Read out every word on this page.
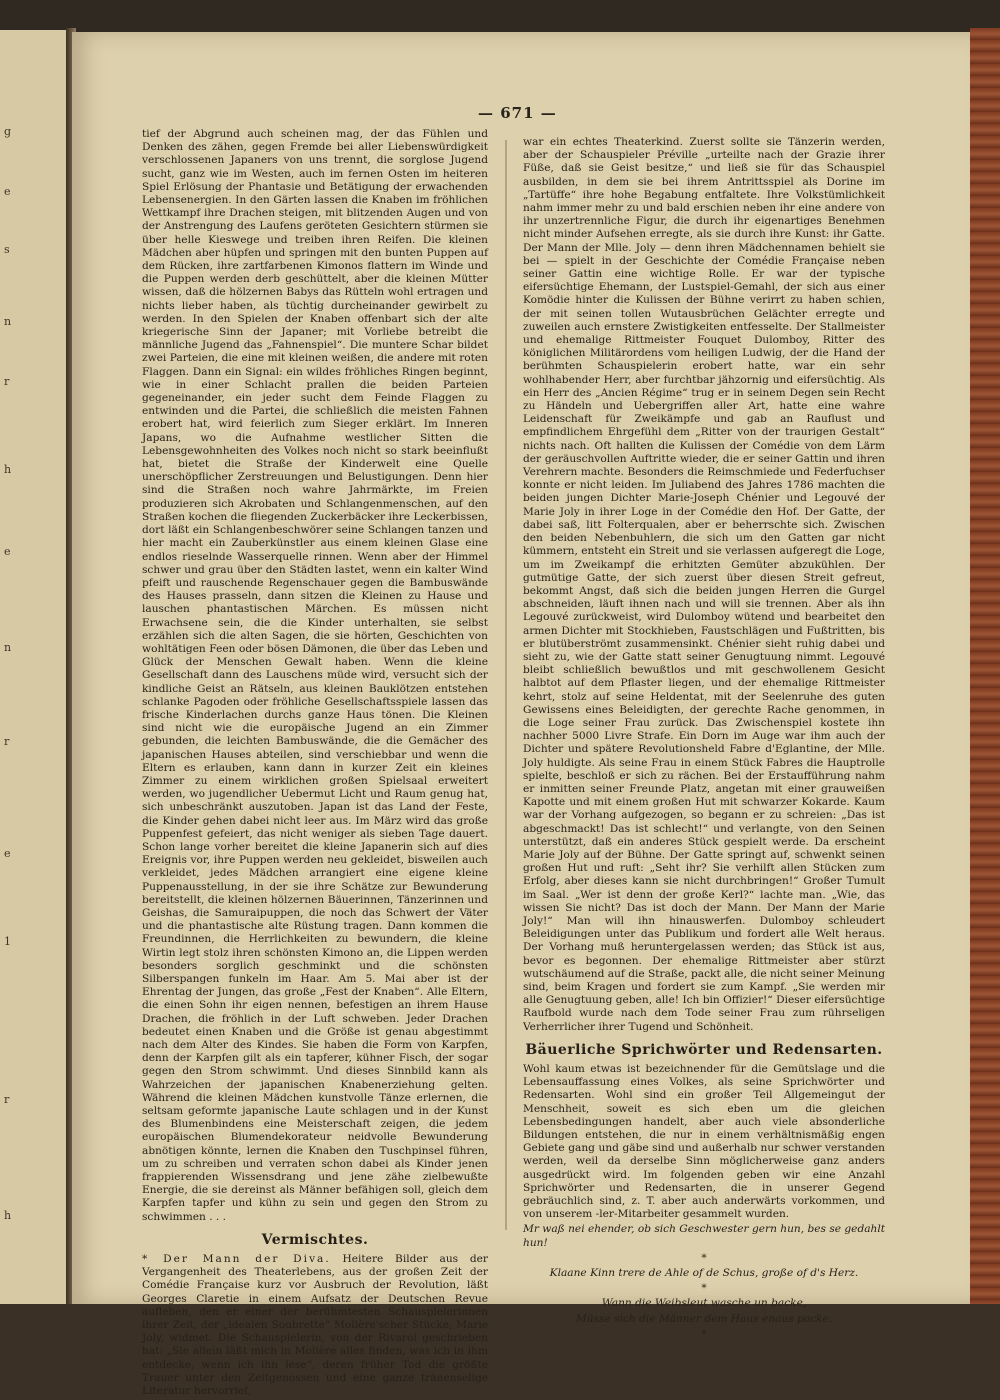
g
e
s
n
r
h
e
n
r
e
1
r
h
— 671 —

tief der Abgrund auch scheinen mag, der das Fühlen und Denken des zähen, gegen Fremde bei aller Liebenswürdigkeit verschlossenen Japaners von uns trennt, die sorglose Jugend sucht, ganz wie im Westen, auch im fernen Osten im heiteren Spiel Erlösung der Phantasie und Betätigung der erwachenden Lebensenergien. In den Gärten lassen die Knaben im fröhlichen Wettkampf ihre Drachen steigen, mit blitzenden Augen und von der Anstrengung des Laufens geröteten Gesichtern stürmen sie über helle Kieswege und treiben ihren Reifen. Die kleinen Mädchen aber hüpfen und springen mit den bunten Puppen auf dem Rücken, ihre zartfarbenen Kimonos flattern im Winde und die Puppen werden derb geschüttelt, aber die kleinen Mütter wissen, daß die hölzernen Babys das Rütteln wohl ertragen und nichts lieber haben, als tüchtig durcheinander gewirbelt zu werden. In den Spielen der Knaben offenbart sich der alte kriegerische Sinn der Japaner; mit Vorliebe betreibt die männliche Jugend das „Fahnenspiel“. Die muntere Schar bildet zwei Parteien, die eine mit kleinen weißen, die andere mit roten Flaggen. Dann ein Signal: ein wildes fröhliches Ringen beginnt, wie in einer Schlacht prallen die beiden Parteien gegeneinander, ein jeder sucht dem Feinde Flaggen zu entwinden und die Partei, die schließlich die meisten Fahnen erobert hat, wird feierlich zum Sieger erklärt. Im Inneren Japans, wo die Aufnahme westlicher Sitten die Lebensgewohnheiten des Volkes noch nicht so stark beeinflußt hat, bietet die Straße der Kinderwelt eine Quelle unerschöpflicher Zerstreuungen und Belustigungen. Denn hier sind die Straßen noch wahre Jahrmärkte, im Freien produzieren sich Akrobaten und Schlangenmenschen, auf den Straßen kochen die fliegenden Zuckerbäcker ihre Leckerbissen, dort läßt ein Schlangenbeschwörer seine Schlangen tanzen und hier macht ein Zauberkünstler aus einem kleinen Glase eine endlos rieselnde Wasserquelle rinnen. Wenn aber der Himmel schwer und grau über den Städten lastet, wenn ein kalter Wind pfeift und rauschende Regenschauer gegen die Bambuswände des Hauses prasseln, dann sitzen die Kleinen zu Hause und lauschen phantastischen Märchen. Es müssen nicht Erwachsene sein, die die Kinder unterhalten, sie selbst erzählen sich die alten Sagen, die sie hörten, Geschichten von wohltätigen Feen oder bösen Dämonen, die über das Leben und Glück der Menschen Gewalt haben. Wenn die kleine Gesellschaft dann des Lauschens müde wird, versucht sich der kindliche Geist an Rätseln, aus kleinen Bauklötzen entstehen schlanke Pagoden oder fröhliche Gesellschaftsspiele lassen das frische Kinderlachen durchs ganze Haus tönen. Die Kleinen sind nicht wie die europäische Jugend an ein Zimmer gebunden, die leichten Bambuswände, die die Gemächer des japanischen Hauses abteilen, sind verschiebbar und wenn die Eltern es erlauben, kann dann in kurzer Zeit ein kleines Zimmer zu einem wirklichen großen Spielsaal erweitert werden, wo jugendlicher Uebermut Licht und Raum genug hat, sich unbeschränkt auszutoben. Japan ist das Land der Feste, die Kinder gehen dabei nicht leer aus. Im März wird das große Puppenfest gefeiert, das nicht weniger als sieben Tage dauert. Schon lange vorher bereitet die kleine Japanerin sich auf dies Ereignis vor, ihre Puppen werden neu gekleidet, bisweilen auch verkleidet, jedes Mädchen arrangiert eine eigene kleine Puppenausstellung, in der sie ihre Schätze zur Bewunderung bereitstellt, die kleinen hölzernen Bäuerinnen, Tänzerinnen und Geishas, die Samuraipuppen, die noch das Schwert der Väter und die phantastische alte Rüstung tragen. Dann kommen die Freundinnen, die Herrlichkeiten zu bewundern, die kleine Wirtin legt stolz ihren schönsten Kimono an, die Lippen werden besonders sorglich geschminkt und die schönsten Silberspangen funkeln im Haar. Am 5. Mai aber ist der Ehrentag der Jungen, das große „Fest der Knaben“. Alle Eltern, die einen Sohn ihr eigen nennen, befestigen an ihrem Hause Drachen, die fröhlich in der Luft schweben. Jeder Drachen bedeutet einen Knaben und die Größe ist genau abgestimmt nach dem Alter des Kindes. Sie haben die Form von Karpfen, denn der Karpfen gilt als ein tapferer, kühner Fisch, der sogar gegen den Strom schwimmt. Und dieses Sinnbild kann als Wahrzeichen der japanischen Knabenerziehung gelten. Während die kleinen Mädchen kunstvolle Tänze erlernen, die seltsam geformte japanische Laute schlagen und in der Kunst des Blumenbindens eine Meisterschaft zeigen, die jedem europäischen Blumendekorateur neidvolle Bewunderung abnötigen könnte, lernen die Knaben den Tuschpinsel führen, um zu schreiben und verraten schon dabei als Kinder jenen frappierenden Wissensdrang und jene zähe zielbewußte Energie, die sie dereinst als Männer befähigen soll, gleich dem Karpfen tapfer und kühn zu sein und gegen den Strom zu schwimmen . . .

Vermischtes.

* Der Mann der Diva. Heitere Bilder aus der Vergangenheit des Theaterlebens, aus der großen Zeit der Comédie Française kurz vor Ausbruch der Revolution, läßt Georges Claretie in einem Aufsatz der Deutschen Revue aufleben, den er einer der berühmtesten Schauspielerinnen ihrer Zeit, der „idealen Soubrette“ Molière'scher Stücke, Marie Joly, widmet. Die Schauspielerin, von der Rivarol geschrieben hat: „Sie allein läßt mich in Molière alles finden, was ich in ihm entdecke, wenn ich ihn lese“, deren früher Tod die größte Trauer unter den Zeitgenossen und eine ganze tränenselige Literatur hervorrief,

war ein echtes Theaterkind. Zuerst sollte sie Tänzerin werden, aber der Schauspieler Préville „urteilte nach der Grazie ihrer Füße, daß sie Geist besitze,“ und ließ sie für das Schauspiel ausbilden, in dem sie bei ihrem Antrittsspiel als Dorine im „Tartüffe“ ihre hohe Begabung entfaltete. Ihre Volkstümlichkeit nahm immer mehr zu und bald erschien neben ihr eine andere von ihr unzertrennliche Figur, die durch ihr eigenartiges Benehmen nicht minder Aufsehen erregte, als sie durch ihre Kunst: ihr Gatte. Der Mann der Mlle. Joly — denn ihren Mädchennamen behielt sie bei — spielt in der Geschichte der Comédie Française neben seiner Gattin eine wichtige Rolle. Er war der typische eifersüchtige Ehemann, der Lustspiel-Gemahl, der sich aus einer Komödie hinter die Kulissen der Bühne verirrt zu haben schien, der mit seinen tollen Wutausbrüchen Gelächter erregte und zuweilen auch ernstere Zwistigkeiten entfesselte. Der Stallmeister und ehemalige Rittmeister Fouquet Dulomboy, Ritter des königlichen Militärordens vom heiligen Ludwig, der die Hand der berühmten Schauspielerin erobert hatte, war ein sehr wohlhabender Herr, aber furchtbar jähzornig und eifersüchtig. Als ein Herr des „Ancien Régime“ trug er in seinem Degen sein Recht zu Händeln und Uebergriffen aller Art, hatte eine wahre Leidenschaft für Zweikämpfe und gab an Rauflust und empfindlichem Ehrgefühl dem „Ritter von der traurigen Gestalt“ nichts nach. Oft hallten die Kulissen der Comédie von dem Lärm der geräuschvollen Auftritte wieder, die er seiner Gattin und ihren Verehrern machte. Besonders die Reimschmiede und Federfuchser konnte er nicht leiden. Im Juliabend des Jahres 1786 machten die beiden jungen Dichter Marie-Joseph Chénier und Legouvé der Marie Joly in ihrer Loge in der Comédie den Hof. Der Gatte, der dabei saß, litt Folterqualen, aber er beherrschte sich. Zwischen den beiden Nebenbuhlern, die sich um den Gatten gar nicht kümmern, entsteht ein Streit und sie verlassen aufgeregt die Loge, um im Zweikampf die erhitzten Gemüter abzukühlen. Der gutmütige Gatte, der sich zuerst über diesen Streit gefreut, bekommt Angst, daß sich die beiden jungen Herren die Gurgel abschneiden, läuft ihnen nach und will sie trennen. Aber als ihn Legouvé zurückweist, wird Dulomboy wütend und bearbeitet den armen Dichter mit Stockhieben, Faustschlägen und Fußtritten, bis er blutüberströmt zusammensinkt. Chénier sieht ruhig dabei und sieht zu, wie der Gatte statt seiner Genugtuung nimmt. Legouvé bleibt schließlich bewußtlos und mit geschwollenem Gesicht halbtot auf dem Pflaster liegen, und der ehemalige Rittmeister kehrt, stolz auf seine Heldentat, mit der Seelenruhe des guten Gewissens eines Beleidigten, der gerechte Rache genommen, in die Loge seiner Frau zurück. Das Zwischenspiel kostete ihn nachher 5000 Livre Strafe. Ein Dorn im Auge war ihm auch der Dichter und spätere Revolutionsheld Fabre d'Eglantine, der Mlle. Joly huldigte. Als seine Frau in einem Stück Fabres die Hauptrolle spielte, beschloß er sich zu rächen. Bei der Erstaufführung nahm er inmitten seiner Freunde Platz, angetan mit einer grauweißen Kapotte und mit einem großen Hut mit schwarzer Kokarde. Kaum war der Vorhang aufgezogen, so begann er zu schreien: „Das ist abgeschmackt! Das ist schlecht!“ und verlangte, von den Seinen unterstützt, daß ein anderes Stück gespielt werde. Da erscheint Marie Joly auf der Bühne. Der Gatte springt auf, schwenkt seinen großen Hut und ruft: „Seht ihr? Sie verhilft allen Stücken zum Erfolg, aber dieses kann sie nicht durchbringen!“ Großer Tumult im Saal. „Wer ist denn der große Kerl?“ lachte man. „Wie, das wissen Sie nicht? Das ist doch der Mann. Der Mann der Marie Joly!“ Man will ihn hinauswerfen. Dulomboy schleudert Beleidigungen unter das Publikum und fordert alle Welt heraus. Der Vorhang muß heruntergelassen werden; das Stück ist aus, bevor es begonnen. Der ehemalige Rittmeister aber stürzt wutschäumend auf die Straße, packt alle, die nicht seiner Meinung sind, beim Kragen und fordert sie zum Kampf. „Sie werden mir alle Genugtuung geben, alle! Ich bin Offizier!“ Dieser eifersüchtige Raufbold wurde nach dem Tode seiner Frau zum rührseligen Verherrlicher ihrer Tugend und Schönheit.

Bäuerliche Sprichwörter und Redensarten.

Wohl kaum etwas ist bezeichnender für die Gemütslage und die Lebensauffassung eines Volkes, als seine Sprichwörter und Redensarten. Wohl sind ein großer Teil Allgemeingut der Menschheit, soweit es sich eben um die gleichen Lebensbedingungen handelt, aber auch viele absonderliche Bildungen entstehen, die nur in einem verhältnismäßig engen Gebiete gang und gäbe sind und außerhalb nur schwer verstanden werden, weil da derselbe Sinn möglicherweise ganz anders ausgedrückt wird. Im folgenden geben wir eine Anzahl Sprichwörter und Redensarten, die in unserer Gegend gebräuchlich sind, z. T. aber auch anderwärts vorkommen, und von unserem -ler-Mitarbeiter gesammelt wurden.

Mr waß nei ehender, ob sich Geschwester gern hun, bes se gedahlt hun!

*

Klaane Kinn trere de Ahle of de Schus, große of d's Herz.

*

Wann die Weibsleut wasche un backe,

Müsse sich die Männer dem Haus enaus packe.

*
